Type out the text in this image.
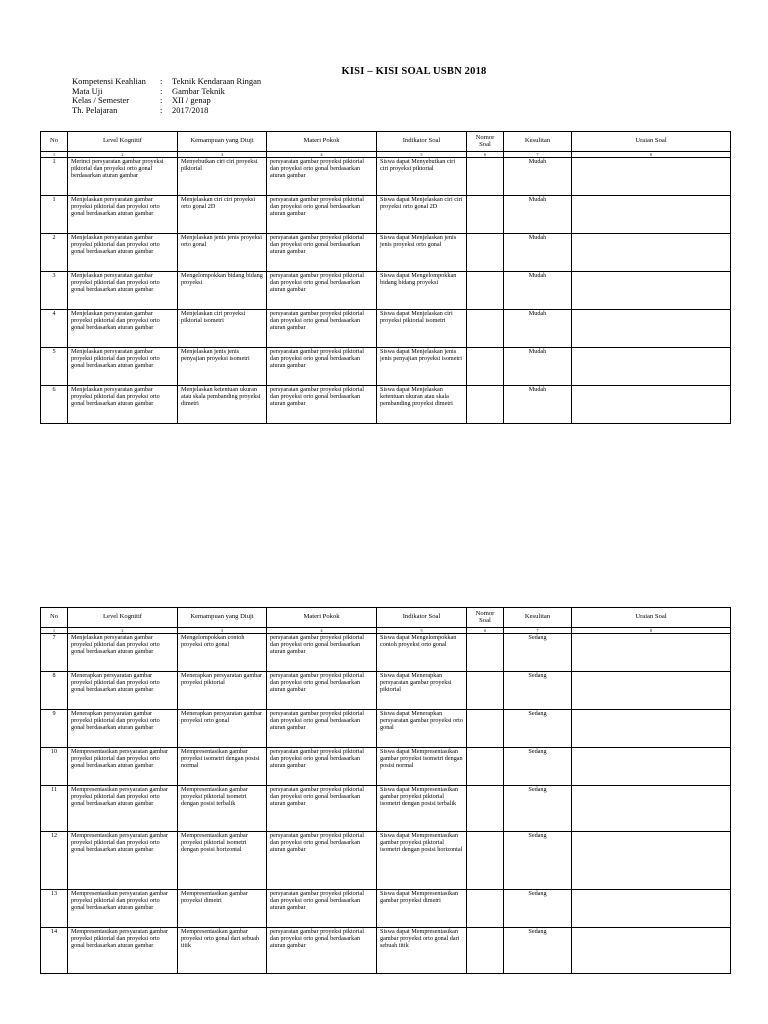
KISI – KISI SOAL USBN 2018
Kompetensi Keahlian	:	Teknik Kendaraan Ringan
Mata Uji	:	Gambar Teknik
Kelas / Semester	:	XII / genap
Th. Pelajaran	:	2017/2018
No	Level Kognitif	Kemampuan yang Diuji	Materi Pokok	Indikator Soal	Nomor Soal	Kesulitan	Uraian Soal
1	2	3	4	5	6	7	8
1	Merinci persyaratan gambar proyeksi piktorial dan proyeksi orto gonal berdasarkan aturan gambar	Menyebutkan ciri ciri proyeksi piktorial	persyaratan gambar proyeksi piktorial dan proyeksi orto gonal berdasarkan aturan gambar	Siswa dapat Menyebutkan ciri ciri proyeksi piktorial		Mudah	
1	Menjelaskan persyaratan gambar proyeksi piktorial dan proyeksi orto gonal berdasarkan aturan gambar	Menjelaskan ciri ciri proyeksi orto gonal 2D	persyaratan gambar proyeksi piktorial dan proyeksi orto gonal berdasarkan aturan gambar	Siswa dapat Menjelaskan ciri ciri proyeksi orto gonal 2D		Mudah	
2	Menjelaskan persyaratan gambar proyeksi piktorial dan proyeksi orto gonal berdasarkan aturan gambar	Menjelaskan jenis jenis proyeksi orto gonal	persyaratan gambar proyeksi piktorial dan proyeksi orto gonal berdasarkan aturan gambar	Siswa dapat Menjelaskan jenis jenis proyeksi orto gonal		Mudah	
3	Menjelaskan persyaratan gambar proyeksi piktorial dan proyeksi orto gonal berdasarkan aturan gambar	Mengelompokkan bidang bidang proyeksi	persyaratan gambar proyeksi piktorial dan proyeksi orto gonal berdasarkan aturan gambar	Siswa dapat Mengelompokkan bidang bidang proyeksi		Mudah	
4	Menjelaskan persyaratan gambar proyeksi piktorial dan proyeksi orto gonal berdasarkan aturan gambar	Menjelaskan ciri proyeksi piktorial isometri	persyaratan gambar proyeksi piktorial dan proyeksi orto gonal berdasarkan aturan gambar	Siswa dapat Menjelaskan ciri proyeksi piktorial isometri		Mudah	
5	Menjelaskan persyaratan gambar proyeksi piktorial dan proyeksi orto gonal berdasarkan aturan gambar	Menjelaskan jenis jenis penyajian proyeksi isometri	persyaratan gambar proyeksi piktorial dan proyeksi orto gonal berdasarkan aturan gambar	Siswa dapat Menjelaskan jenis jenis penyajian proyeksi isometri		Mudah	
6	Menjelaskan persyaratan gambar proyeksi piktorial dan proyeksi orto gonal berdasarkan aturan gambar	Menjelaskan ketentuan ukuran atau skala pembanding proyeksi dimetri	persyaratan gambar proyeksi piktorial dan proyeksi orto gonal berdasarkan aturan gambar	Siswa dapat Menjelaskan ketentuan ukuran atau skala pembanding proyeksi dimetri		Mudah	
No	Level Kognitif	Kemampuan yang Diuji	Materi Pokok	Indikator Soal	Nomor Soal	Kesulitan	Uraian Soal
1	2	3	4	5	6	7	8
7	Menjelaskan persyaratan gambar proyeksi piktorial dan proyeksi orto gonal berdasarkan aturan gambar	Mengelompokkan contoh proyeksi orto gonal	persyaratan gambar proyeksi piktorial dan proyeksi orto gonal berdasarkan aturan gambar	Siswa dapat Mengelompokkan contoh proyeksi orto gonal		Sedang	
8	Menerapkan persyaratan gambar proyeksi piktorial dan proyeksi orto gonal berdasarkan aturan gambar	Menerapkan persyaratan gambar proyeksi piktorial	persyaratan gambar proyeksi piktorial dan proyeksi orto gonal berdasarkan aturan gambar	Siswa dapat Menerapkan persyaratan gambar proyeksi piktorial		Sedang	
9	Menerapkan persyaratan gambar proyeksi piktorial dan proyeksi orto gonal berdasarkan aturan gambar	Menerapkan persyaratan gambar proyeksi orto gonal	persyaratan gambar proyeksi piktorial dan proyeksi orto gonal berdasarkan aturan gambar	Siswa dapat Menerapkan persyaratan gambar proyeksi orto gonal		Sedang	
10	Mempresentasikan persyaratan gambar proyeksi piktorial dan proyeksi orto gonal berdasarkan aturan gambar	Mempresentasikan gambar proyeksi isometri dengan posisi normal	persyaratan gambar proyeksi piktorial dan proyeksi orto gonal berdasarkan aturan gambar	Siswa dapat Mempresentasikan gambar proyeksi isometri dengan posisi normal		Sedang	
11	Mempresentasikan persyaratan gambar proyeksi piktorial dan proyeksi orto gonal berdasarkan aturan gambar	Mempresentasikan gambar proyeksi piktorial isometri dengan posisi terbalik	persyaratan gambar proyeksi piktorial dan proyeksi orto gonal berdasarkan aturan gambar	Siswa dapat Mempresentasikan gambar proyeksi piktorial isometri dengan posisi terbalik		Sedang	
12	Mempresentasikan persyaratan gambar proyeksi piktorial dan proyeksi orto gonal berdasarkan aturan gambar	Mempresentasikan gambar proyeksi piktorial isometri dengan posisi horizontal	persyaratan gambar proyeksi piktorial dan proyeksi orto gonal berdasarkan aturan gambar	Siswa dapat Mempresentasikan gambar proyeksi piktorial isometri dengan posisi horizontal		Sedang	
13	Mempresentasikan persyaratan gambar proyeksi piktorial dan proyeksi orto gonal berdasarkan aturan gambar	Mempresentasikan gambar proyeksi dimetri	persyaratan gambar proyeksi piktorial dan proyeksi orto gonal berdasarkan aturan gambar	Siswa dapat Mempresentasikan gambar proyeksi dimetri		Sedang	
14	Mempresentasikan persyaratan gambar proyeksi piktorial dan proyeksi orto gonal berdasarkan aturan gambar	Mempresentasikan gambar proyeksi orto gonal dari sebuah titik	persyaratan gambar proyeksi piktorial dan proyeksi orto gonal berdasarkan aturan gambar	Siswa dapat Mempresentasikan gambar proyeksi orto gonal dari sebuah titik		Sedang	
